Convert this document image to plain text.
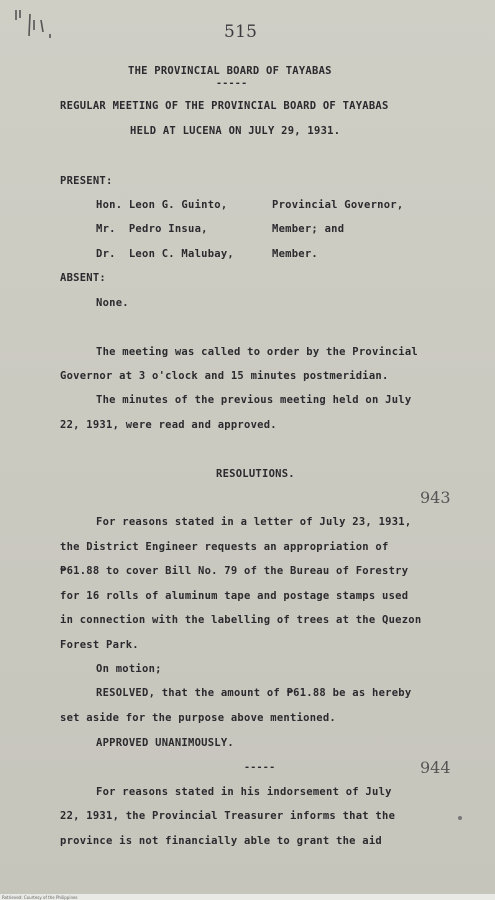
515
THE PROVINCIAL BOARD OF TAYABAS
-----
REGULAR MEETING OF THE PROVINCIAL BOARD OF TAYABAS
HELD AT LUCENA ON JULY 29, 1931.
PRESENT:
Hon. Leon G. Guinto,	Provincial Governor,
Mr.  Pedro Insua,	Member; and
Dr.  Leon C. Malubay,	Member.
ABSENT:
None.
The meeting was called to order by the Provincial
Governor at 3 o'clock and 15 minutes postmeridian.
The minutes of the previous meeting held on July
22, 1931, were read and approved.
RESOLUTIONS.
943
For reasons stated in a letter of July 23, 1931,
the District Engineer requests an appropriation of
₱61.88 to cover Bill No. 79 of the Bureau of Forestry
for 16 rolls of aluminum tape and postage stamps used
in connection with the labelling of trees at the Quezon
Forest Park.
On motion;
RESOLVED, that the amount of ₱61.88 be as hereby
set aside for the purpose above mentioned.
APPROVED UNANIMOUSLY.
-----	944
For reasons stated in his indorsement of July
22, 1931, the Provincial Treasurer informs that the
province is not financially able to grant the aid
Retrieved: Courtesy of the Philippines
